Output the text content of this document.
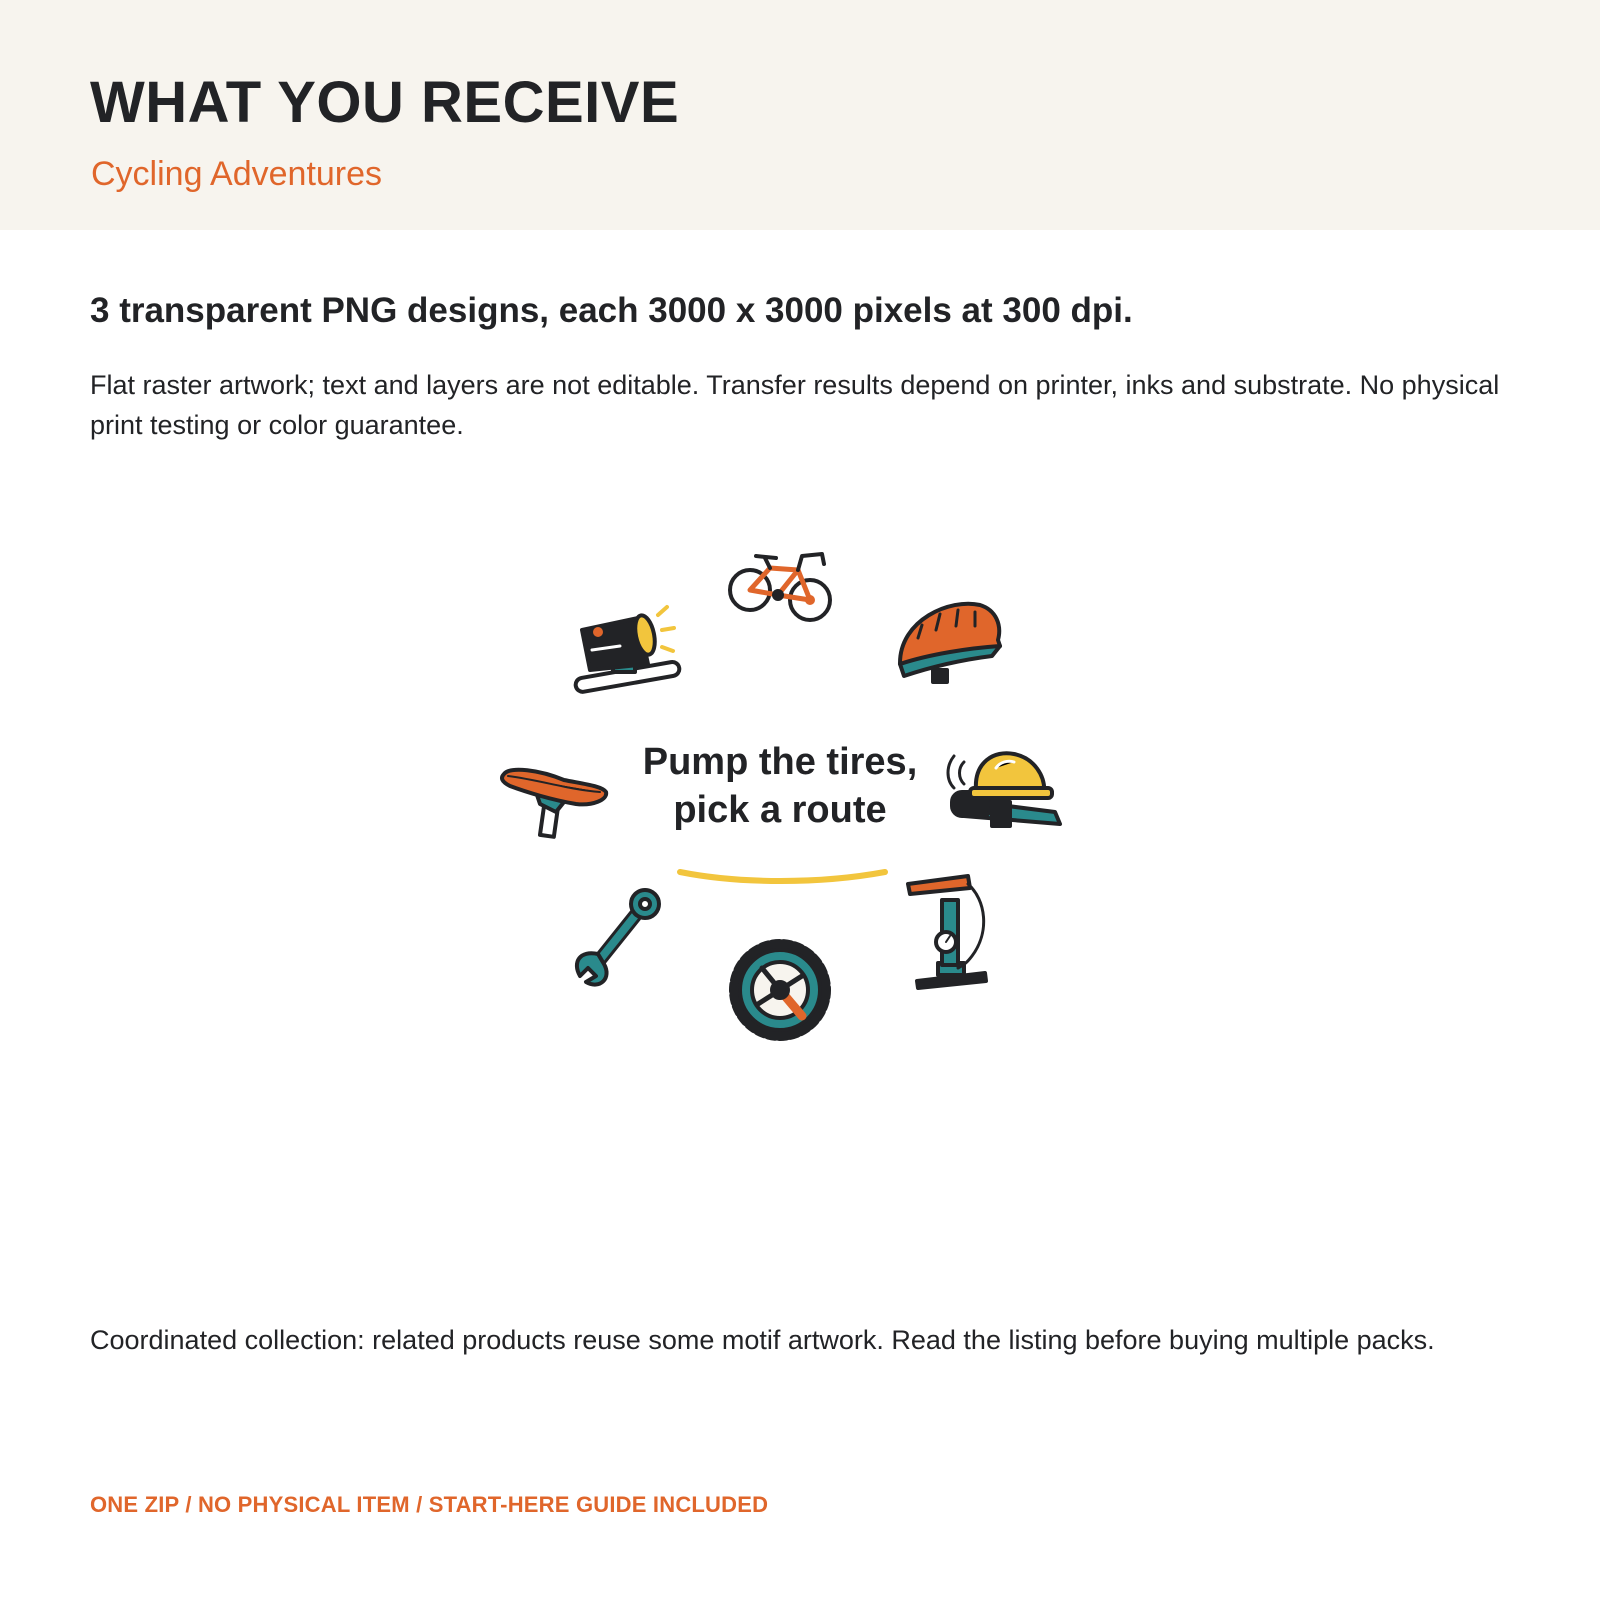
WHAT YOU RECEIVE

Cycling Adventures

3 transparent PNG designs, each 3000 x 3000 pixels at 300 dpi.

Flat raster artwork; text and layers are not editable. Transfer results depend on printer, inks and substrate. No physical print testing or color guarantee.

Pump the tires,
pick a route

Coordinated collection: related products reuse some motif artwork. Read the listing before buying multiple packs.

ONE ZIP / NO PHYSICAL ITEM / START-HERE GUIDE INCLUDED
